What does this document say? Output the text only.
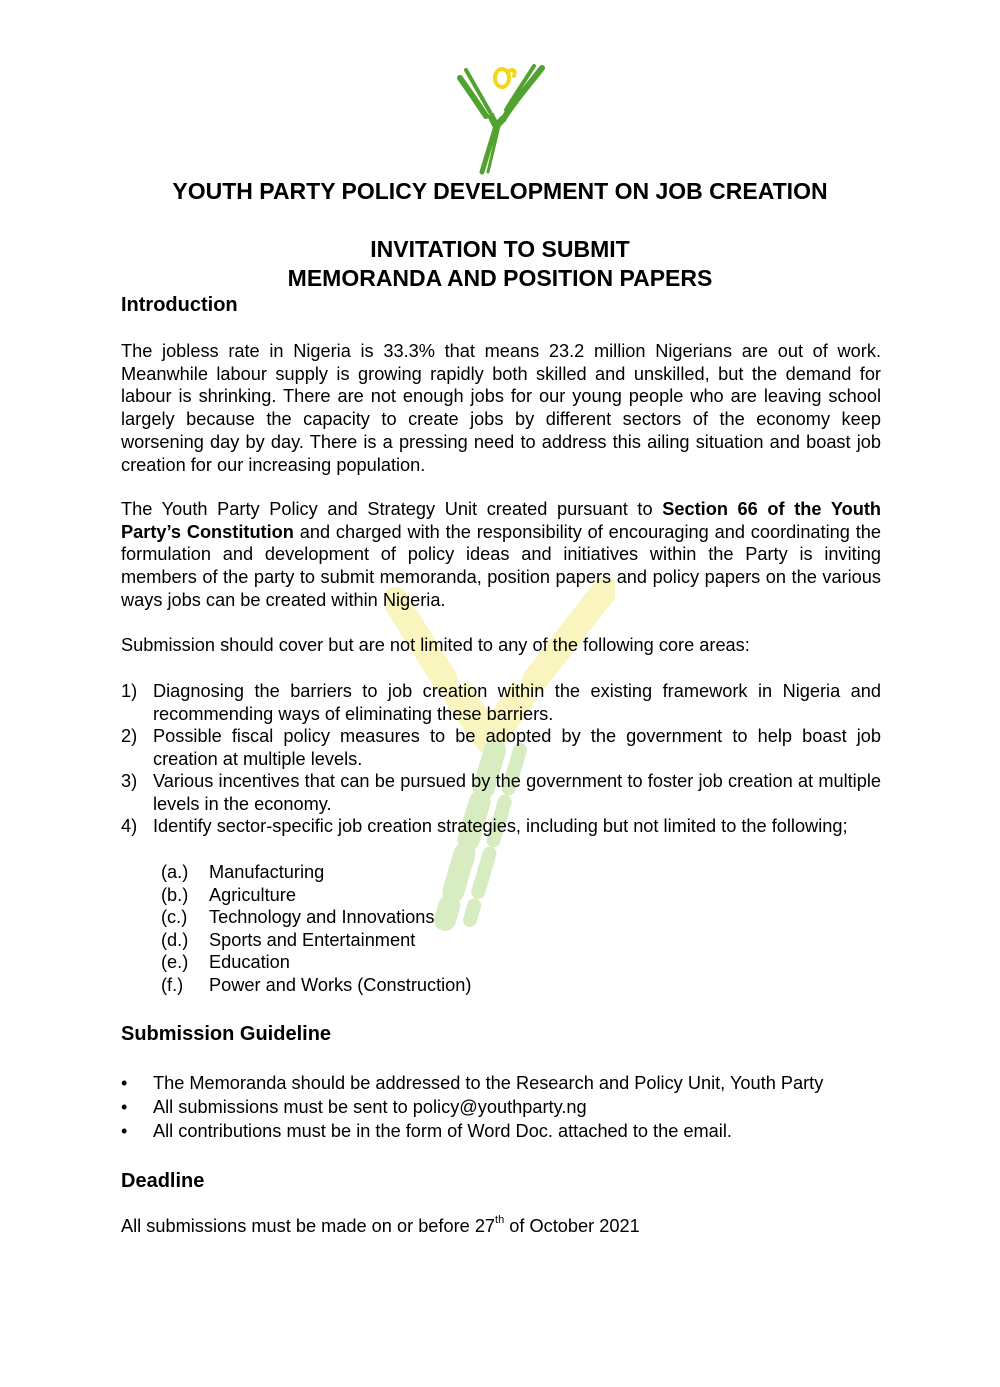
YOUTH PARTY POLICY DEVELOPMENT ON JOB CREATION
INVITATION TO SUBMIT
MEMORANDA AND POSITION PAPERS
Introduction

The jobless rate in Nigeria is 33.3% that means 23.2 million Nigerians are out of work. Meanwhile labour supply is growing rapidly both skilled and unskilled, but the demand for labour is shrinking. There are not enough jobs for our young people who are leaving school largely because the capacity to create jobs by different sectors of the economy keep worsening day by day. There is a pressing need to address this ailing situation and boast job creation for our increasing population.

The Youth Party Policy and Strategy Unit created pursuant to Section 66 of the Youth Party’s Constitution and charged with the responsibility of encouraging and coordinating the formulation and development of policy ideas and initiatives within the Party is inviting members of the party to submit memoranda, position papers and policy papers on the various ways jobs can be created within Nigeria.

Submission should cover but are not limited to any of the following core areas:

1) Diagnosing the barriers to job creation within the existing framework in Nigeria and recommending ways of eliminating these barriers.
2) Possible fiscal policy measures to be adopted by the government to help boast job creation at multiple levels.
3) Various incentives that can be pursued by the government to foster job creation at multiple levels in the economy.
4) Identify sector-specific job creation strategies, including but not limited to the following;
(a.) Manufacturing
(b.) Agriculture
(c.) Technology and Innovations
(d.) Sports and Entertainment
(e.) Education
(f.) Power and Works (Construction)
Submission Guideline
• The Memoranda should be addressed to the Research and Policy Unit, Youth Party
• All submissions must be sent to policy@youthparty.ng
• All contributions must be in the form of Word Doc. attached to the email.
Deadline

All submissions must be made on or before 27th of October 2021
